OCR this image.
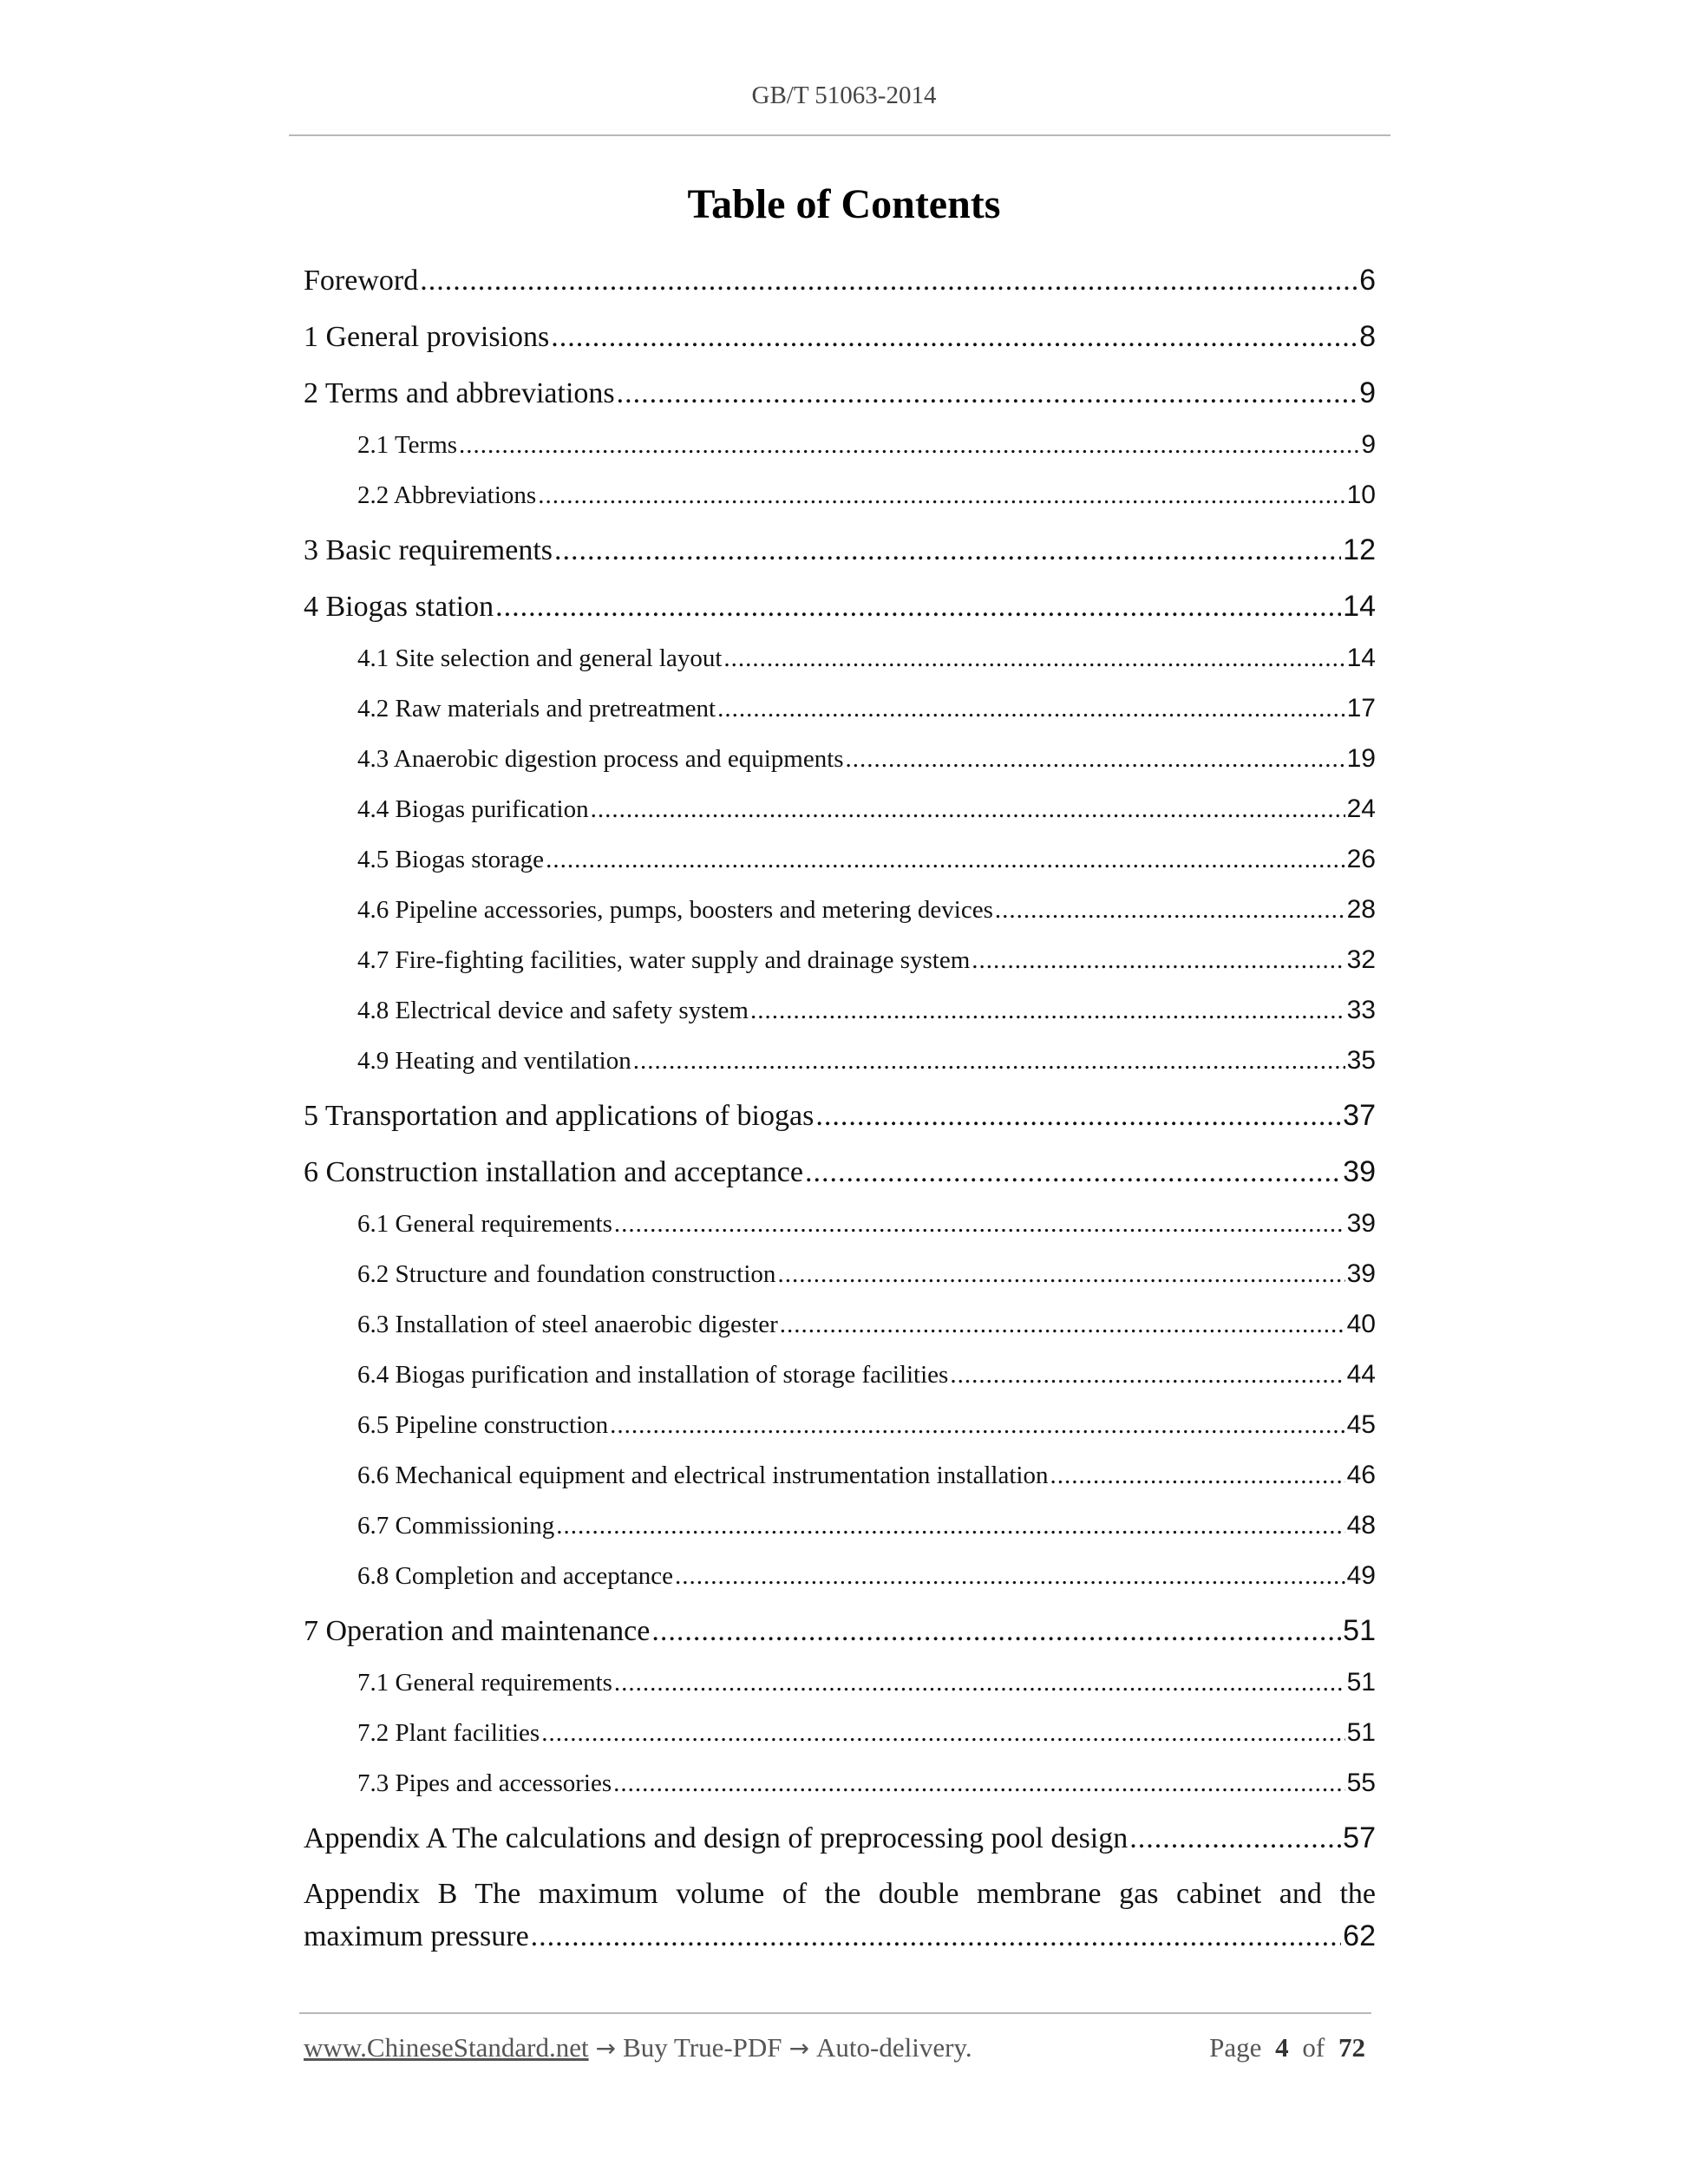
GB/T 51063-2014
Table of Contents
Foreword .....	6
1 General provisions .....	8
2 Terms and abbreviations .....	9
2.1 Terms .....	9
2.2 Abbreviations .....	10
3 Basic requirements .....	12
4 Biogas station .....	14
4.1 Site selection and general layout .....	14
4.2 Raw materials and pretreatment .....	17
4.3 Anaerobic digestion process and equipments .....	19
4.4 Biogas purification .....	24
4.5 Biogas storage .....	26
4.6 Pipeline accessories, pumps, boosters and metering devices .....	28
4.7 Fire-fighting facilities, water supply and drainage system .....	32
4.8 Electrical device and safety system .....	33
4.9 Heating and ventilation .....	35
5 Transportation and applications of biogas .....	37
6 Construction installation and acceptance .....	39
6.1 General requirements .....	39
6.2 Structure and foundation construction .....	39
6.3 Installation of steel anaerobic digester .....	40
6.4 Biogas purification and installation of storage facilities .....	44
6.5 Pipeline construction .....	45
6.6 Mechanical equipment and electrical instrumentation installation .....	46
6.7 Commissioning .....	48
6.8 Completion and acceptance .....	49
7 Operation and maintenance .....	51
7.1 General requirements .....	51
7.2 Plant facilities .....	51
7.3 Pipes and accessories .....	55
Appendix A The calculations and design of preprocessing pool design .....	57
Appendix B The maximum volume of the double membrane gas cabinet and the
maximum pressure .....	62
www.ChineseStandard.net → Buy True-PDF → Auto-delivery.	Page 4 of 72
